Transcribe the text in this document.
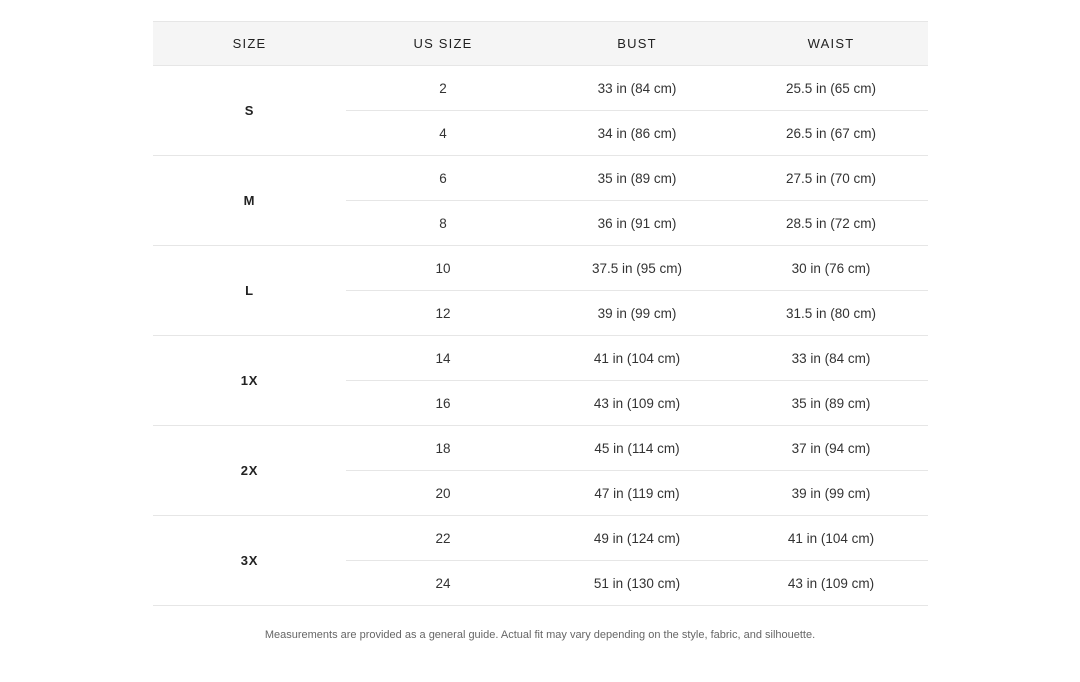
SIZE	US SIZE	BUST	WAIST
S	2	33 in (84 cm)	25.5 in (65 cm)
	4	34 in (86 cm)	26.5 in (67 cm)
M	6	35 in (89 cm)	27.5 in (70 cm)
	8	36 in (91 cm)	28.5 in (72 cm)
L	10	37.5 in (95 cm)	30 in (76 cm)
	12	39 in (99 cm)	31.5 in (80 cm)
1X	14	41 in (104 cm)	33 in (84 cm)
	16	43 in (109 cm)	35 in (89 cm)
2X	18	45 in (114 cm)	37 in (94 cm)
	20	47 in (119 cm)	39 in (99 cm)
3X	22	49 in (124 cm)	41 in (104 cm)
	24	51 in (130 cm)	43 in (109 cm)
Measurements are provided as a general guide. Actual fit may vary depending on the style, fabric, and silhouette.
